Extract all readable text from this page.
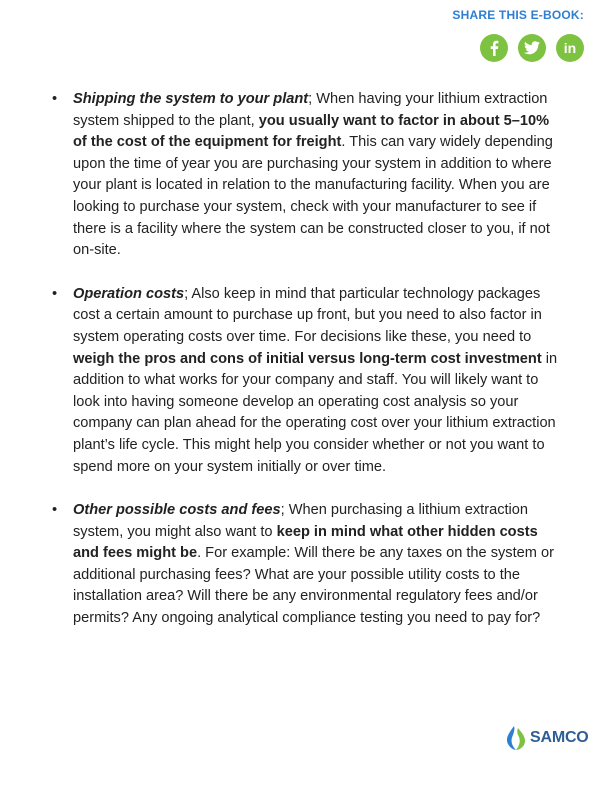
SHARE THIS E-BOOK:
in
• Shipping the system to your plant; When having your lithium extraction system shipped to the plant, you usually want to factor in about 5–10% of the cost of the equipment for freight. This can vary widely depending upon the time of year you are purchasing your system in addition to where your plant is located in relation to the manufacturing facility. When you are looking to purchase your system, check with your manufacturer to see if there is a facility where the system can be constructed closer to you, if not on-site.
• Operation costs; Also keep in mind that particular technology packages cost a certain amount to purchase up front, but you need to also factor in system operating costs over time. For decisions like these, you need to weigh the pros and cons of initial versus long-term cost investment in addition to what works for your company and staff. You will likely want to look into having someone develop an operating cost analysis so your company can plan ahead for the operating cost over your lithium extraction plant’s life cycle. This might help you consider whether or not you want to spend more on your system initially or over time.
• Other possible costs and fees; When purchasing a lithium extraction system, you might also want to keep in mind what other hidden costs and fees might be. For example: Will there be any taxes on the system or additional purchasing fees? What are your possible utility costs to the installation area? Will there be any environmental regulatory fees and/or permits? Any ongoing analytical compliance testing you need to pay for?
SAMCO
